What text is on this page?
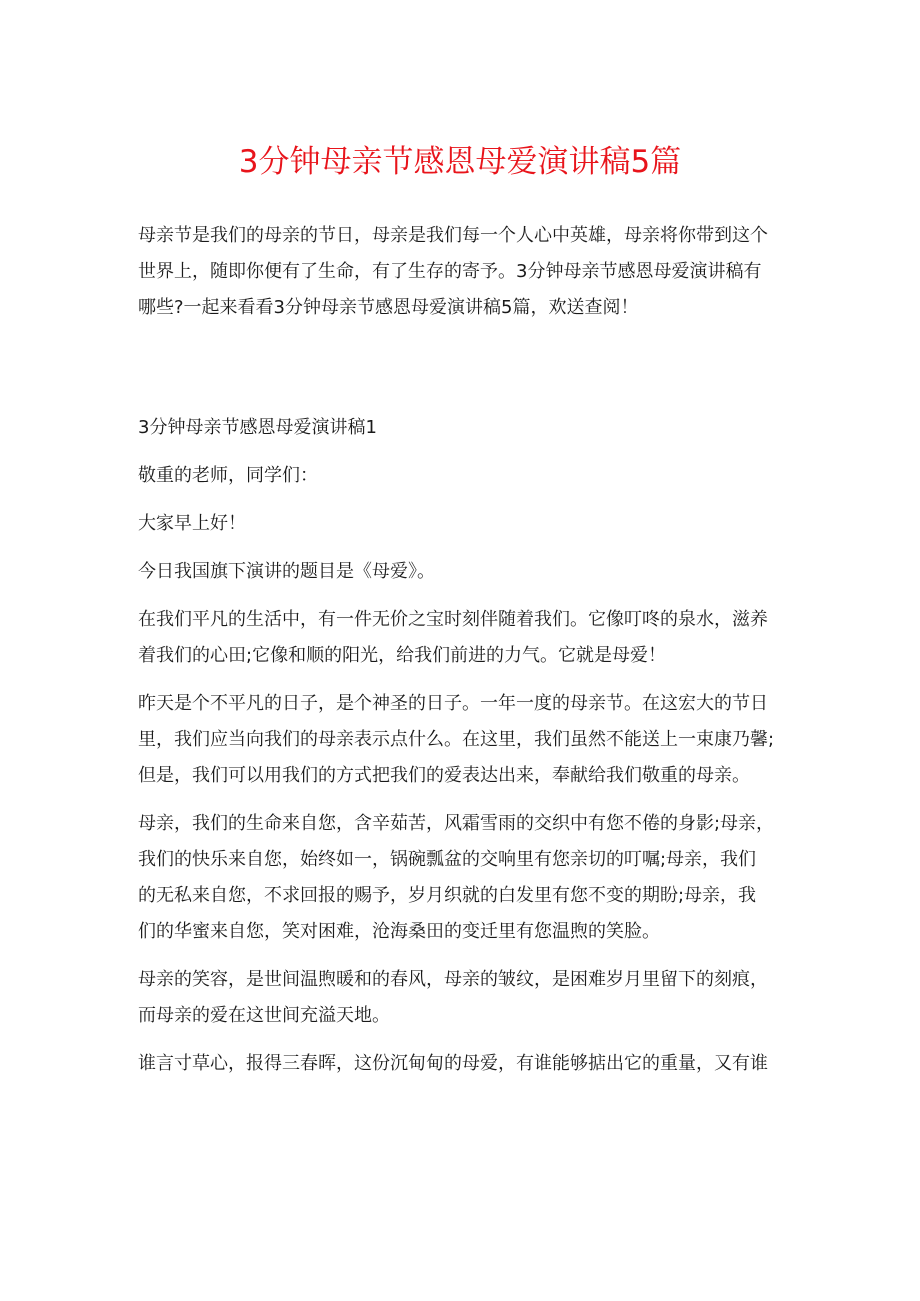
3分钟母亲节感恩母爱演讲稿5篇
母亲节是我们的母亲的节日，母亲是我们每一个人心中英雄，母亲将你带到这个
世界上，随即你便有了生命，有了生存的寄予。3分钟母亲节感恩母爱演讲稿有
哪些?一起来看看3分钟母亲节感恩母爱演讲稿5篇，欢送查阅！
3分钟母亲节感恩母爱演讲稿1
敬重的老师，同学们：
大家早上好！
今日我国旗下演讲的题目是《母爱》。
在我们平凡的生活中，有一件无价之宝时刻伴随着我们。它像叮咚的泉水，滋养
着我们的心田;它像和顺的阳光，给我们前进的力气。它就是母爱！
昨天是个不平凡的日子，是个神圣的日子。一年一度的母亲节。在这宏大的节日
里，我们应当向我们的母亲表示点什么。在这里，我们虽然不能送上一束康乃馨;
但是，我们可以用我们的方式把我们的爱表达出来，奉献给我们敬重的母亲。
母亲，我们的生命来自您，含辛茹苦，风霜雪雨的交织中有您不倦的身影;母亲，
我们的快乐来自您，始终如一，锅碗瓢盆的交响里有您亲切的叮嘱;母亲，我们
的无私来自您，不求回报的赐予，岁月织就的白发里有您不变的期盼;母亲，我
们的华蜜来自您，笑对困难，沧海桑田的变迁里有您温煦的笑脸。
母亲的笑容，是世间温煦暖和的春风，母亲的皱纹，是困难岁月里留下的刻痕，
而母亲的爱在这世间充溢天地。
谁言寸草心，报得三春晖，这份沉甸甸的母爱，有谁能够掂出它的重量，又有谁
